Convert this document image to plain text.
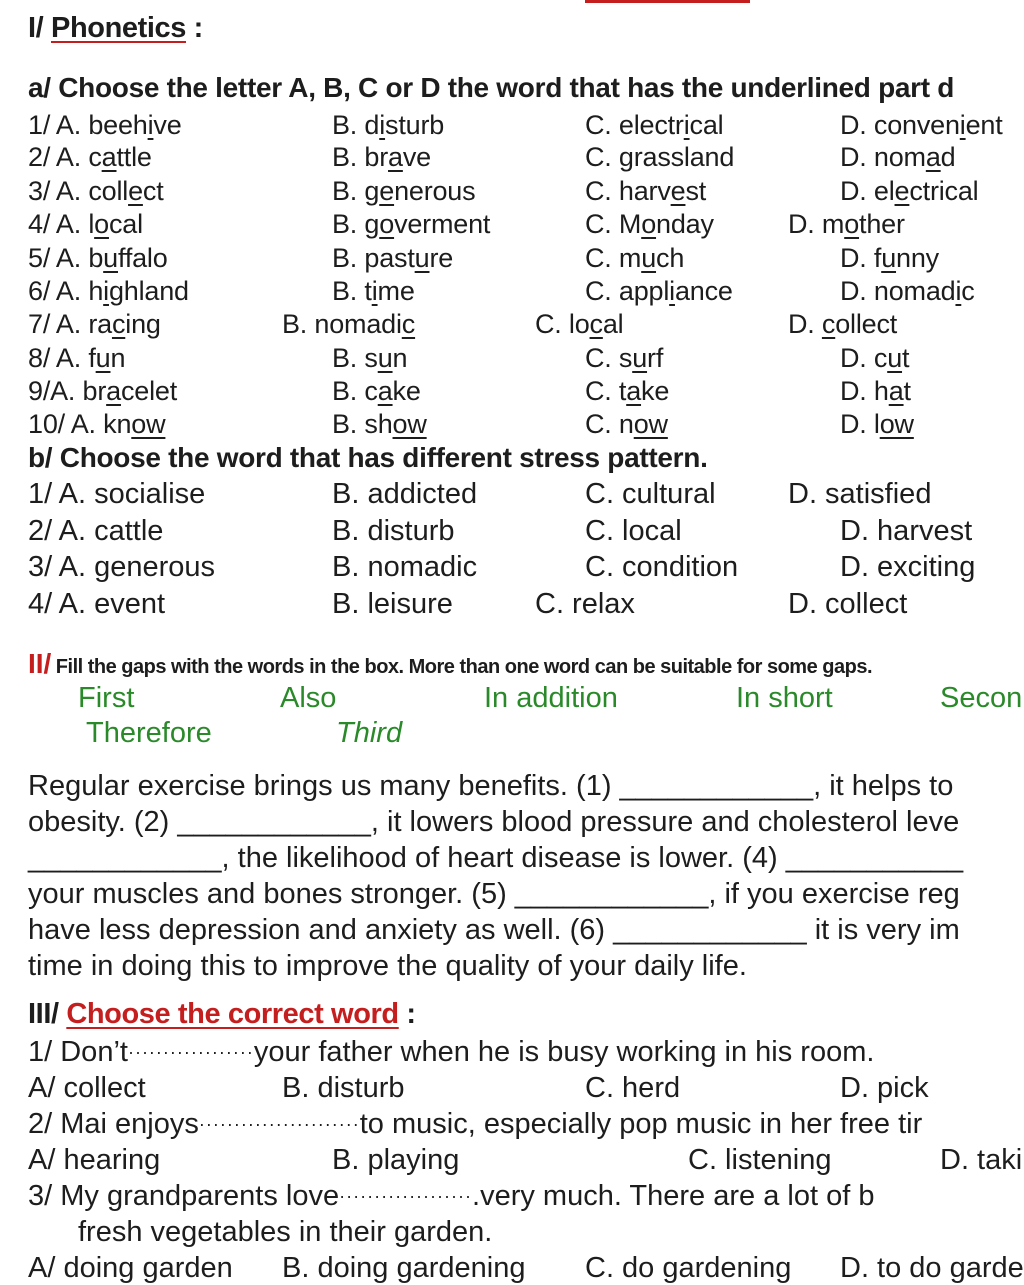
I/ Phonetics :
a/ Choose the letter A, B, C or D the word that has the underlined part d
1/ A. beehive	B. disturb	C. electrical	D. convenient
2/ A. cattle	B. brave	C. grassland	D. nomad
3/ A. collect	B. generous	C. harvest	D. electrical
4/ A. local	B. goverment	C. Monday	D. mother
5/ A. buffalo	B. pasture	C. much	D. funny
6/ A. highland	B. time	C. appliance	D. nomadic
7/ A. racing	B. nomadic	C. local	D. collect
8/ A. fun	B. sun	C. surf	D. cut
9/A. bracelet	B. cake	C. take	D. hat
10/ A. know	B. show	C. now	D. low
b/ Choose the word that has different stress pattern.
1/ A. socialise	B. addicted	C. cultural D. satisfied
2/ A. cattle	B. disturb	C. local	D. harvest
3/ A. generous	B. nomadic	C. condition	D. exciting
4/ A. event	B. leisure	C. relax	D. collect
II/ Fill the gaps with the words in the box. More than one word can be suitable for some gaps.
First	Also	In addition	In short	Secon
Therefore	Third
Regular exercise brings us many benefits. (1) ____________, it helps to
obesity. (2) ____________, it lowers blood pressure and cholesterol leve
____________, the likelihood of heart disease is lower. (4) ___________
your muscles and bones stronger. (5) ____________, if you exercise reg
have less depression and anxiety as well. (6) ____________ it is very im
time in doing this to improve the quality of your daily life.
III/ Choose the correct word :
1/ Don’t··················your father when he is busy working in his room.
A/ collect	B. disturb	C. herd	D. pick
2/ Mai enjoys·······················to music, especially pop music in her free tir
A/ hearing	B. playing	C. listening	D. taki
3/ My grandparents love···················.very much. There are a lot of b
fresh vegetables in their garden.
A/ doing garden B. doing gardening C. do gardening D. to do garde
